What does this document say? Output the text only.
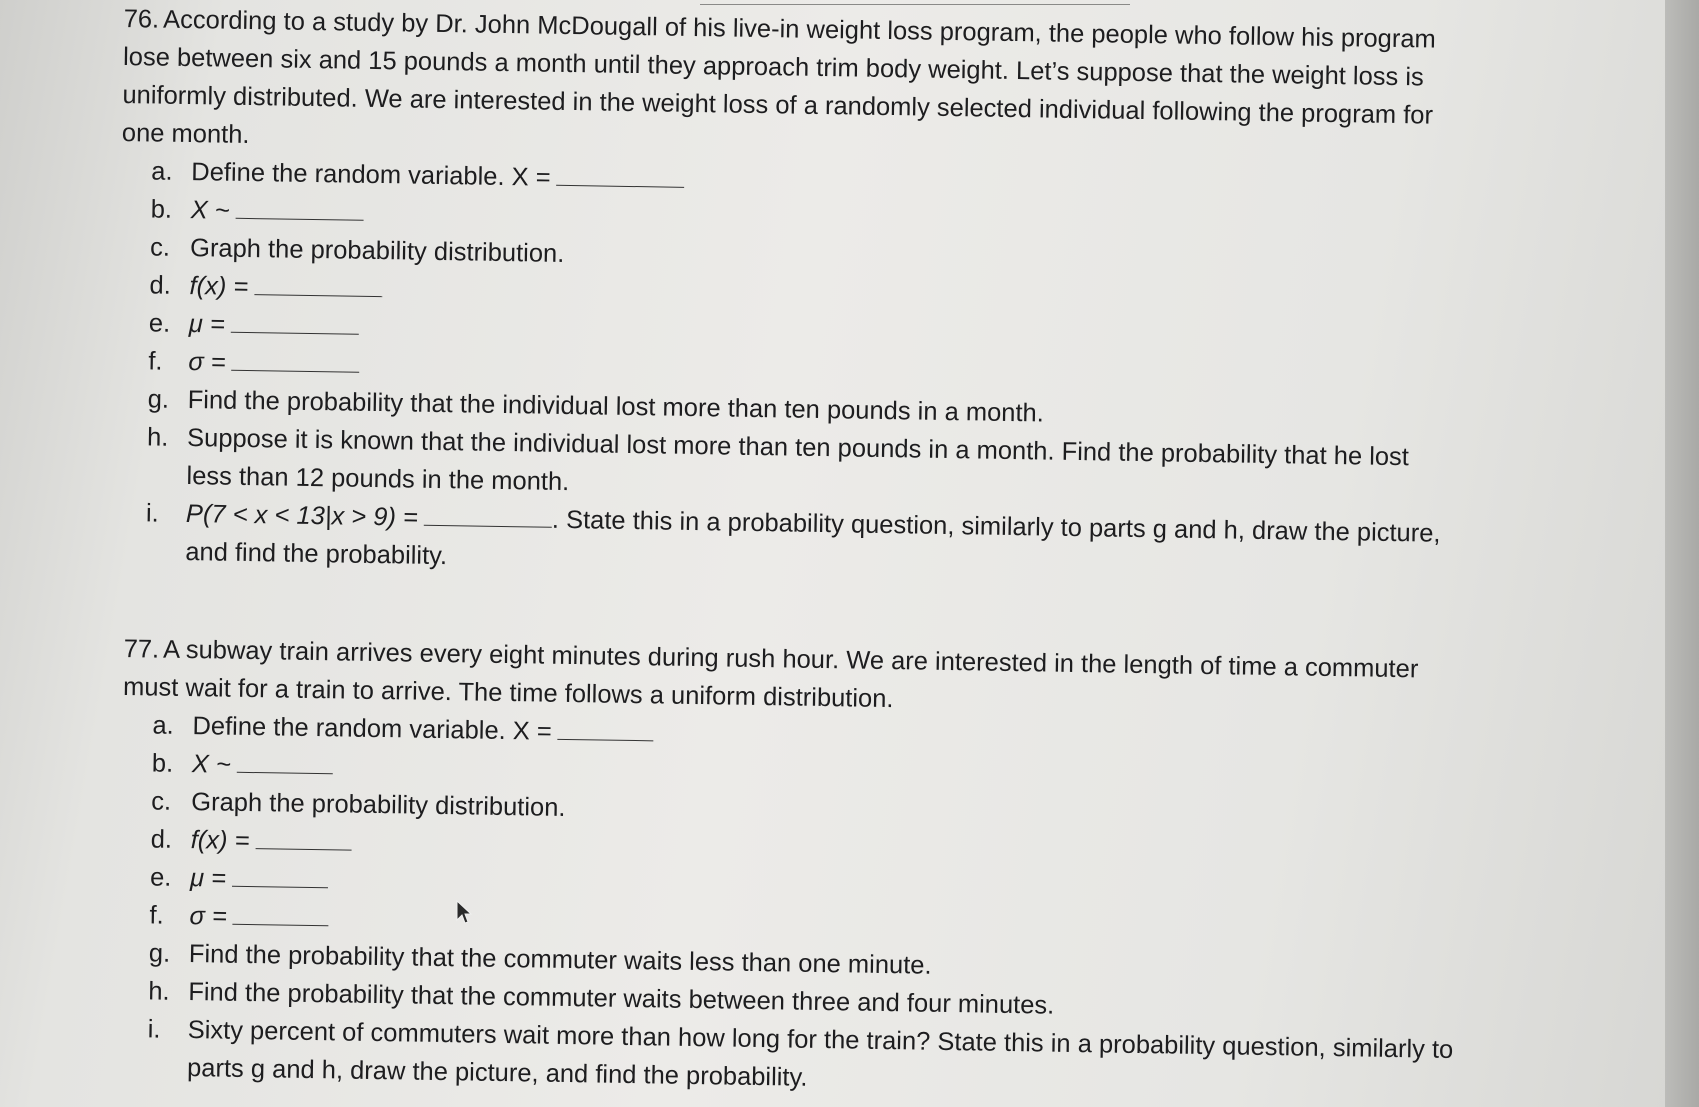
76. According to a study by Dr. John McDougall of his live-in weight loss program, the people who follow his program lose between six and 15 pounds a month until they approach trim body weight. Let’s suppose that the weight loss is uniformly distributed. We are interested in the weight loss of a randomly selected individual following the program for one month.

a. Define the random variable. X =
b. X ~
c. Graph the probability distribution.
d. f(x) =
e. μ =
f. σ =
g. Find the probability that the individual lost more than ten pounds in a month.
h. Suppose it is known that the individual lost more than ten pounds in a month. Find the probability that he lost less than 12 pounds in the month.
i.	P(7 < x < 13|x > 9) =	. State this in a probability question, similarly to parts g and h, draw the picture, and find the probability.

77. A subway train arrives every eight minutes during rush hour. We are interested in the length of time a commuter must wait for a train to arrive. The time follows a uniform distribution.

a. Define the random variable. X =
b. X ~
c. Graph the probability distribution.
d. f(x) =
e. μ =
f. σ =
g. Find the probability that the commuter waits less than one minute.
h. Find the probability that the commuter waits between three and four minutes.
i.	Sixty percent of commuters wait more than how long for the train? State this in a probability question, similarly to parts g and h, draw the picture, and find the probability.
